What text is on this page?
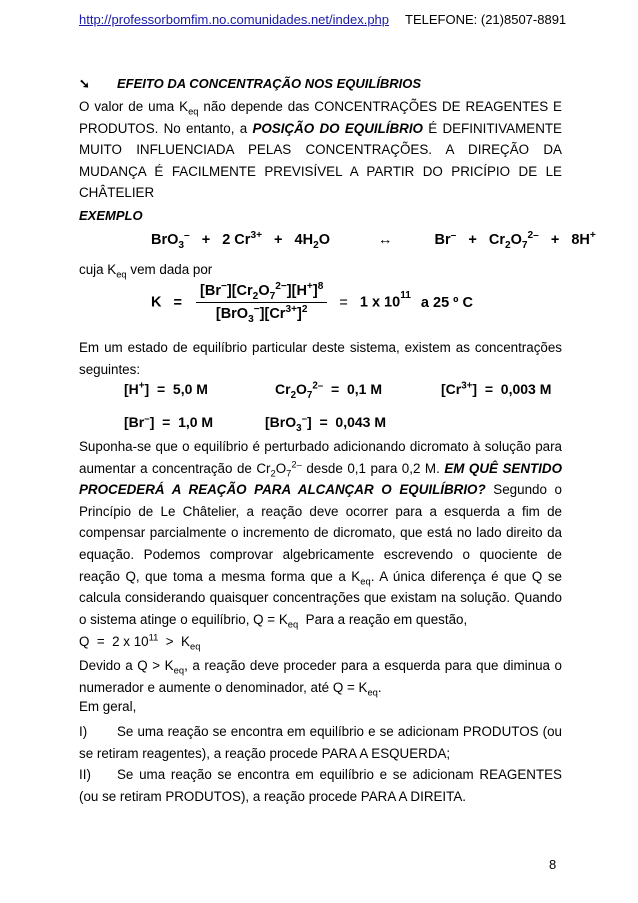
http://professorbomfim.no.comunidades.net/index.php TELEFONE: (21)8507-8891
➘ EFEITO DA CONCENTRAÇÃO NOS EQUILÍBRIOS
O valor de uma $K_{eq}$ não depende das CONCENTRAÇÕES DE REAGENTES E PRODUTOS. No entanto, a POSIÇÃO DO EQUILÍBRIO É DEFINITIVAMENTE MUITO INFLUENCIADA PELAS CONCENTRAÇÕES. A DIREÇÃO DA MUDANÇA É FACILMENTE PREVISÍVEL A PARTIR DO PRICÍPIO DE LE CHÂTELIER
EXEMPLO
BrO$_3$– + 2 $Cr^{3+} + 4H_2O$	↔	$Br^- + Cr_2O_7^{2-} + 8H^+$
cuja $K_{eq}$ vem dada por
$K = \frac{[Br^-][Cr_2O_7^{2-}][H^+]^8}{[BrO_3^-][Cr^{3+}]^2} = 1$ x $10^{11}$ a 25 º C
Em um estado de equilíbrio particular deste sistema, existem as concentrações seguintes:
[H+]  =  5,0 M	$Cr_2O_7^{2-} = 0,1$ M	$[Cr^{3+}] = 0,003$ M
[Br–]  =  1,0 M	[BrO$_3$–]  =  0,043 M
Suponha-se que o equilíbrio é perturbado adicionando dicromato à solução para aumentar a concentração de $Cr_2O_7^{2-}$ desde 0,1 para 0,2 M. EM QUÊ SENTIDO PROCEDERÁ A REAÇÃO PARA ALCANÇAR O EQUILÍBRIO? Segundo o Princípio de Le Châtelier, a reação deve ocorrer para a esquerda a fim de compensar parcialmente o incremento de dicromato, que está no lado direito da equação. Podemos comprovar algebricamente escrevendo o quociente de reação Q, que toma a mesma forma que a $K_{eq}$. A única diferença é que Q se calcula considerando quaisquer concentrações que existam na solução. Quando o sistema atinge o equilíbrio, $Q = K_{eq}$  Para a reação em questão,
Q  =  2 x $10^{11} > K_{eq}$
Devido a $Q > K_{eq}$, a reação deve proceder para a esquerda para que diminua o numerador e aumente o denominador, até $Q = K_{eq}$.
Em geral,
I) Se uma reação se encontra em equilíbrio e se adicionam PRODUTOS (ou se retiram reagentes), a reação procede PARA A ESQUERDA;
II) Se uma reação se encontra em equilíbrio e se adicionam REAGENTES (ou se retiram PRODUTOS), a reação procede PARA A DIREITA.
8
